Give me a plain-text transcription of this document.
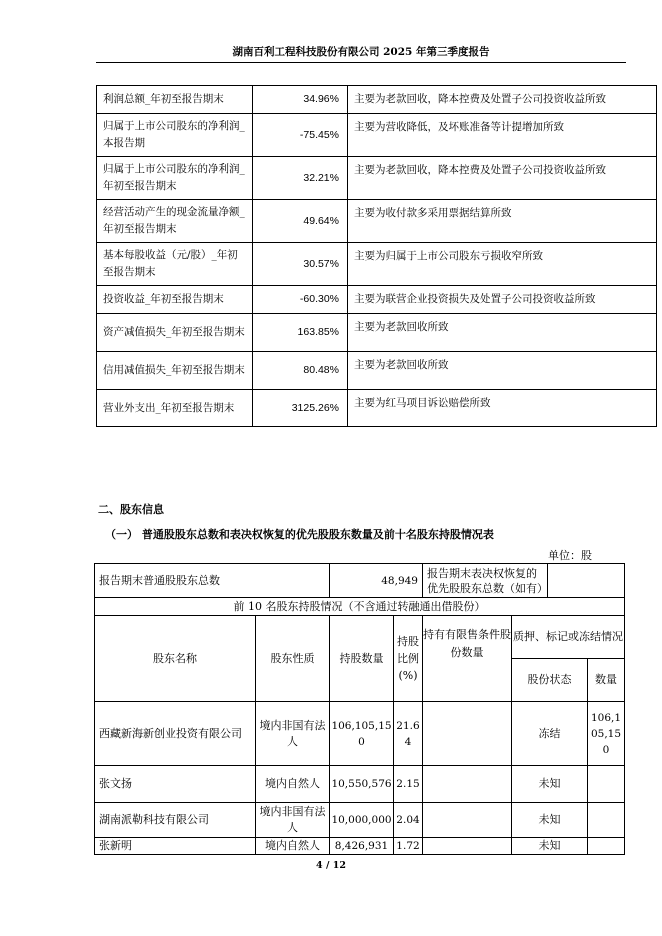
湖南百利工程科技股份有限公司 2025 年第三季度报告
利润总额_年初至报告期末	34.96%	主要为老款回收，降本控费及处置子公司投资收益所致
归属于上市公司股东的净利润_本报告期	-75.45%	主要为营收降低，及坏账准备等计提增加所致
归属于上市公司股东的净利润_年初至报告期末	32.21%	主要为老款回收，降本控费及处置子公司投资收益所致
经营活动产生的现金流量净额_年初至报告期末	49.64%	主要为收付款多采用票据结算所致
基本每股收益（元/股）_年初至报告期末	30.57%	主要为归属于上市公司股东亏损收窄所致
投资收益_年初至报告期末	-60.30%	主要为联营企业投资损失及处置子公司投资收益所致
资产减值损失_年初至报告期末	163.85%	主要为老款回收所致
信用减值损失_年初至报告期末	80.48%	主要为老款回收所致
营业外支出_年初至报告期末	3125.26%	主要为红马项目诉讼赔偿所致
二、股东信息
（一） 普通股股东总数和表决权恢复的优先股股东数量及前十名股东持股情况表
单位：股
报告期末普通股股东总数		48,949		报告期末表决权恢复的优先股股东总数（如有）			
前 10 名股东持股情况（不含通过转融通出借股份）							
股东名称	股东性质	持股数量	持股比例(%)	持有有限售条件股份数量	质押、标记或冻结情况		
					股份状态		数量
西藏新海新创业投资有限公司	境内非国有法人	106,105,150	21.64		冻结		106,105,150
张文扬	境内自然人	10,550,576	2.15		未知		
湖南派勒科技有限公司	境内非国有法人	10,000,000	2.04		未知		
张新明	境内自然人	8,426,931	1.72		未知		
4 / 12
